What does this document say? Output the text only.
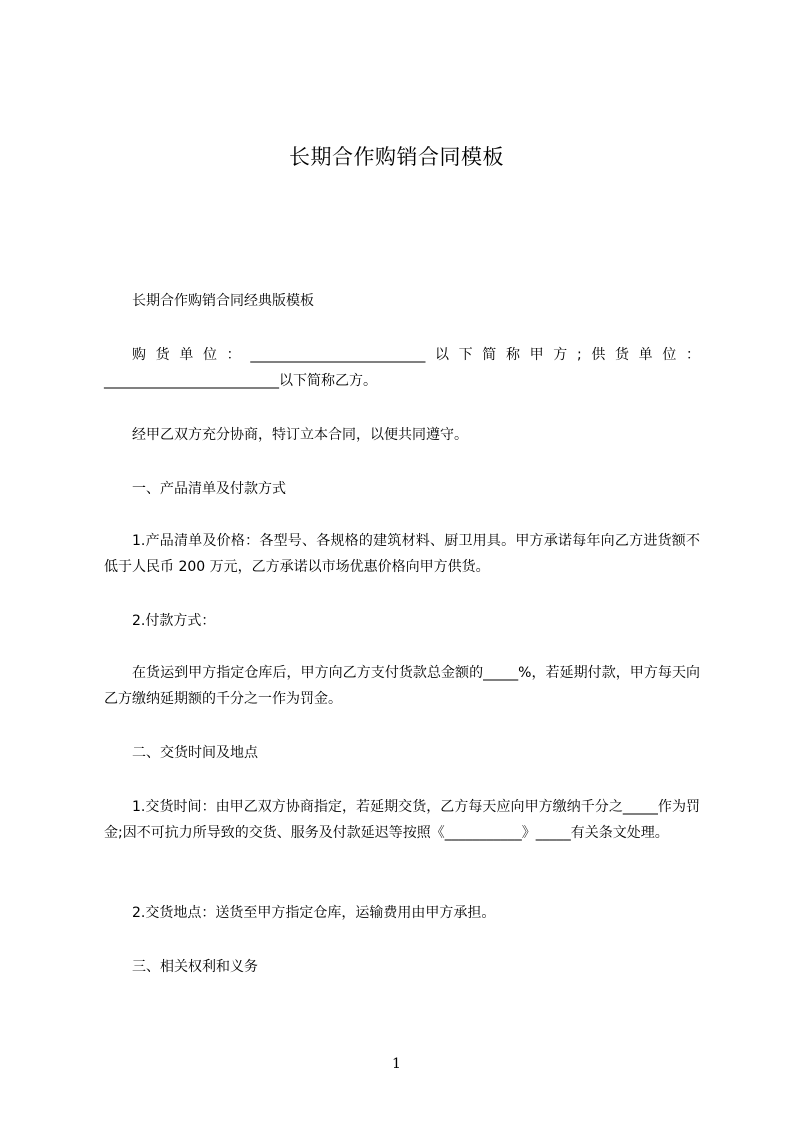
长期合作购销合同模板
长期合作购销合同经典版模板
购货单位：_________________________以下简称甲方;供货单位：_________________________以下简称乙方。
经甲乙双方充分协商，特订立本合同，以便共同遵守。
一、产品清单及付款方式
1.产品清单及价格：各型号、各规格的建筑材料、厨卫用具。甲方承诺每年向乙方进货额不低于人民币 200 万元，乙方承诺以市场优惠价格向甲方供货。
2.付款方式：
在货运到甲方指定仓库后，甲方向乙方支付货款总金额的_____%，若延期付款，甲方每天向乙方缴纳延期额的千分之一作为罚金。
二、交货时间及地点
1.交货时间：由甲乙双方协商指定，若延期交货，乙方每天应向甲方缴纳千分之_____作为罚金;因不可抗力所导致的交货、服务及付款延迟等按照《___________》_____有关条文处理。
2.交货地点：送货至甲方指定仓库，运输费用由甲方承担。
三、相关权利和义务
1
